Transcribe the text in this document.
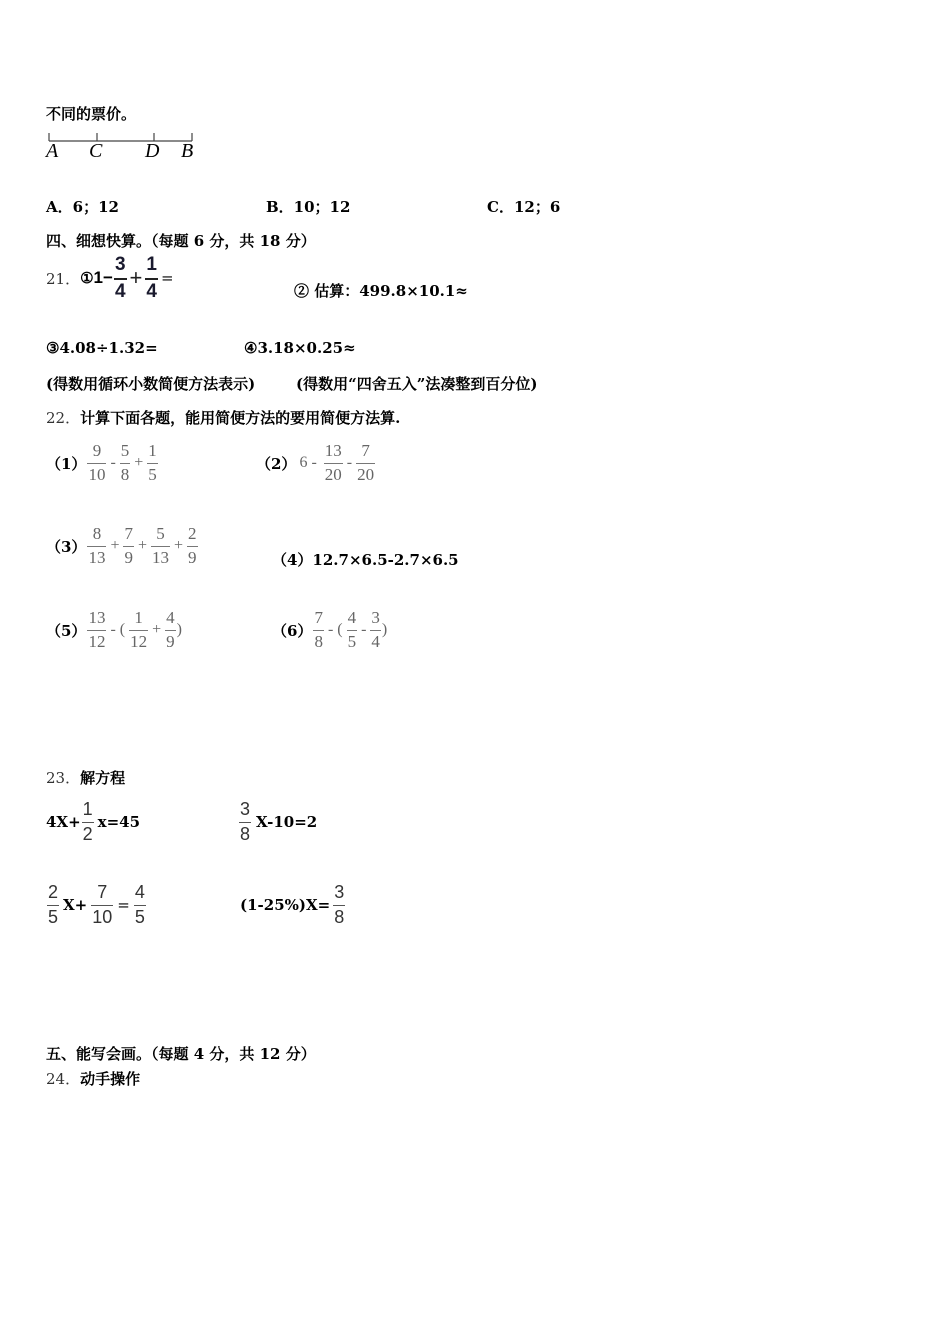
不同的票价。
A C D B
A．6；12	B．10；12	C．12；6
四、细想快算。（每题 6 分，共 18 分）
21． ① $1- \frac{3}{4} + \frac{1}{4}$ =
② 估算：499.8×10.1≈
③4.08÷1.32=	④3.18×0.25≈
(得数用循环小数简便方法表示)	(得数用“四舍五入”法凑整到百分位)
22．计算下面各题，能用简便方法的要用简便方法算.
$(1) \frac{9}{10} - \frac{5}{8} + \frac{1}{5}$	（2） $6 - \frac{13}{20} - \frac{7}{20}$
$(3) \frac{8}{13} + \frac{7}{9} + \frac{5}{13} + \frac{2}{9}$	（4）12.7×6.5-2.7×6.5
$(5) \frac{13}{12}$ - ( $\frac{1}{12} + \frac{4}{9}$ )	$(6) \frac{7}{8}$ - ( $\frac{4}{5} - \frac{3}{4}$ )
23．解方程
$4X+ \frac{1}{2} x=45$	$\frac{3}{8} X-10=2$
$\frac{2}{5} X+ \frac{7}{10} = \frac{4}{5}$	$(1-25\%)X= \frac{3}{8}$
五、能写会画。（每题 4 分，共 12 分）
24．动手操作
